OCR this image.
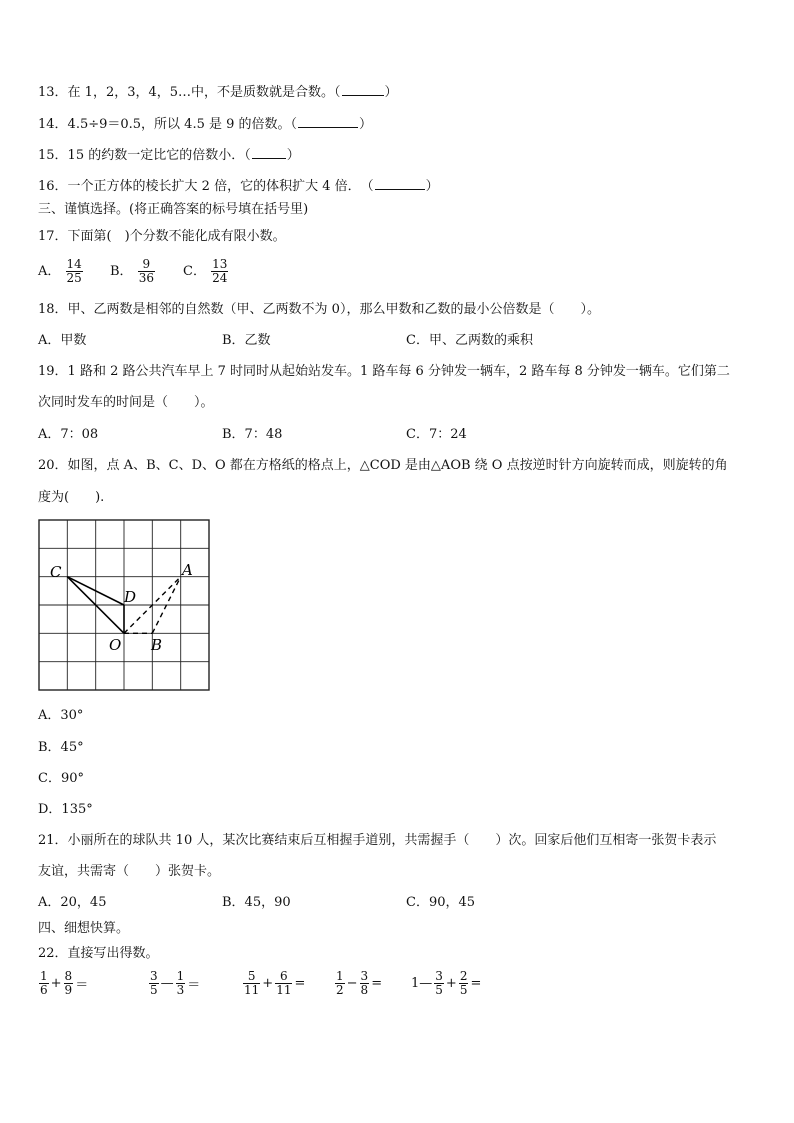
13．在 1，2，3，4，5…中，不是质数就是合数。（	）
14．4.5÷9＝0.5，所以 4.5 是 9 的倍数。（	）
15．15 的约数一定比它的倍数小．（	）
16．一个正方体的棱长扩大 2 倍，它的体积扩大 4 倍．　（	）
三、谨慎选择。(将正确答案的标号填在括号里)
17．下面第(　)个分数不能化成有限小数。
A． $\frac{14}{25}$ B． $\frac{9}{36}$ C． $\frac{13}{24}$
18．甲、乙两数是相邻的自然数（甲、乙两数不为 0），那么甲数和乙数的最小公倍数是（　　）。
A．甲数	B．乙数	C．甲、乙两数的乘积
19．1 路和 2 路公共汽车早上 7 时同时从起始站发车。1 路车每 6 分钟发一辆车，2 路车每 8 分钟发一辆车。它们第二
次同时发车的时间是（　　）。
A．7：08	B．7：48	C．7：24
20．如图，点 A、B、C、D、O 都在方格纸的格点上，△COD 是由△AOB 绕 O 点按逆时针方向旋转而成，则旋转的角
度为(　　).
C	A
D
O B
A．30°
B．45°
C．90°
D．135°
21．小丽所在的球队共 10 人，某次比赛结束后互相握手道别，共需握手（　　）次。回家后他们互相寄一张贺卡表示
友谊，共需寄（　　）张贺卡。
A．20，45	B．45，90	C．90，45
四、细想快算。
22．直接写出得数。
$\frac{1}{6} + \frac{8}{9}$ ＝	$\frac{3}{5}$ — $\frac{1}{3}$ ＝	$\frac{5}{11} + \frac{6}{11} = \frac{1}{2} - \frac{3}{8}$ = 1— $\frac{3}{5} + \frac{2}{5}$ =
